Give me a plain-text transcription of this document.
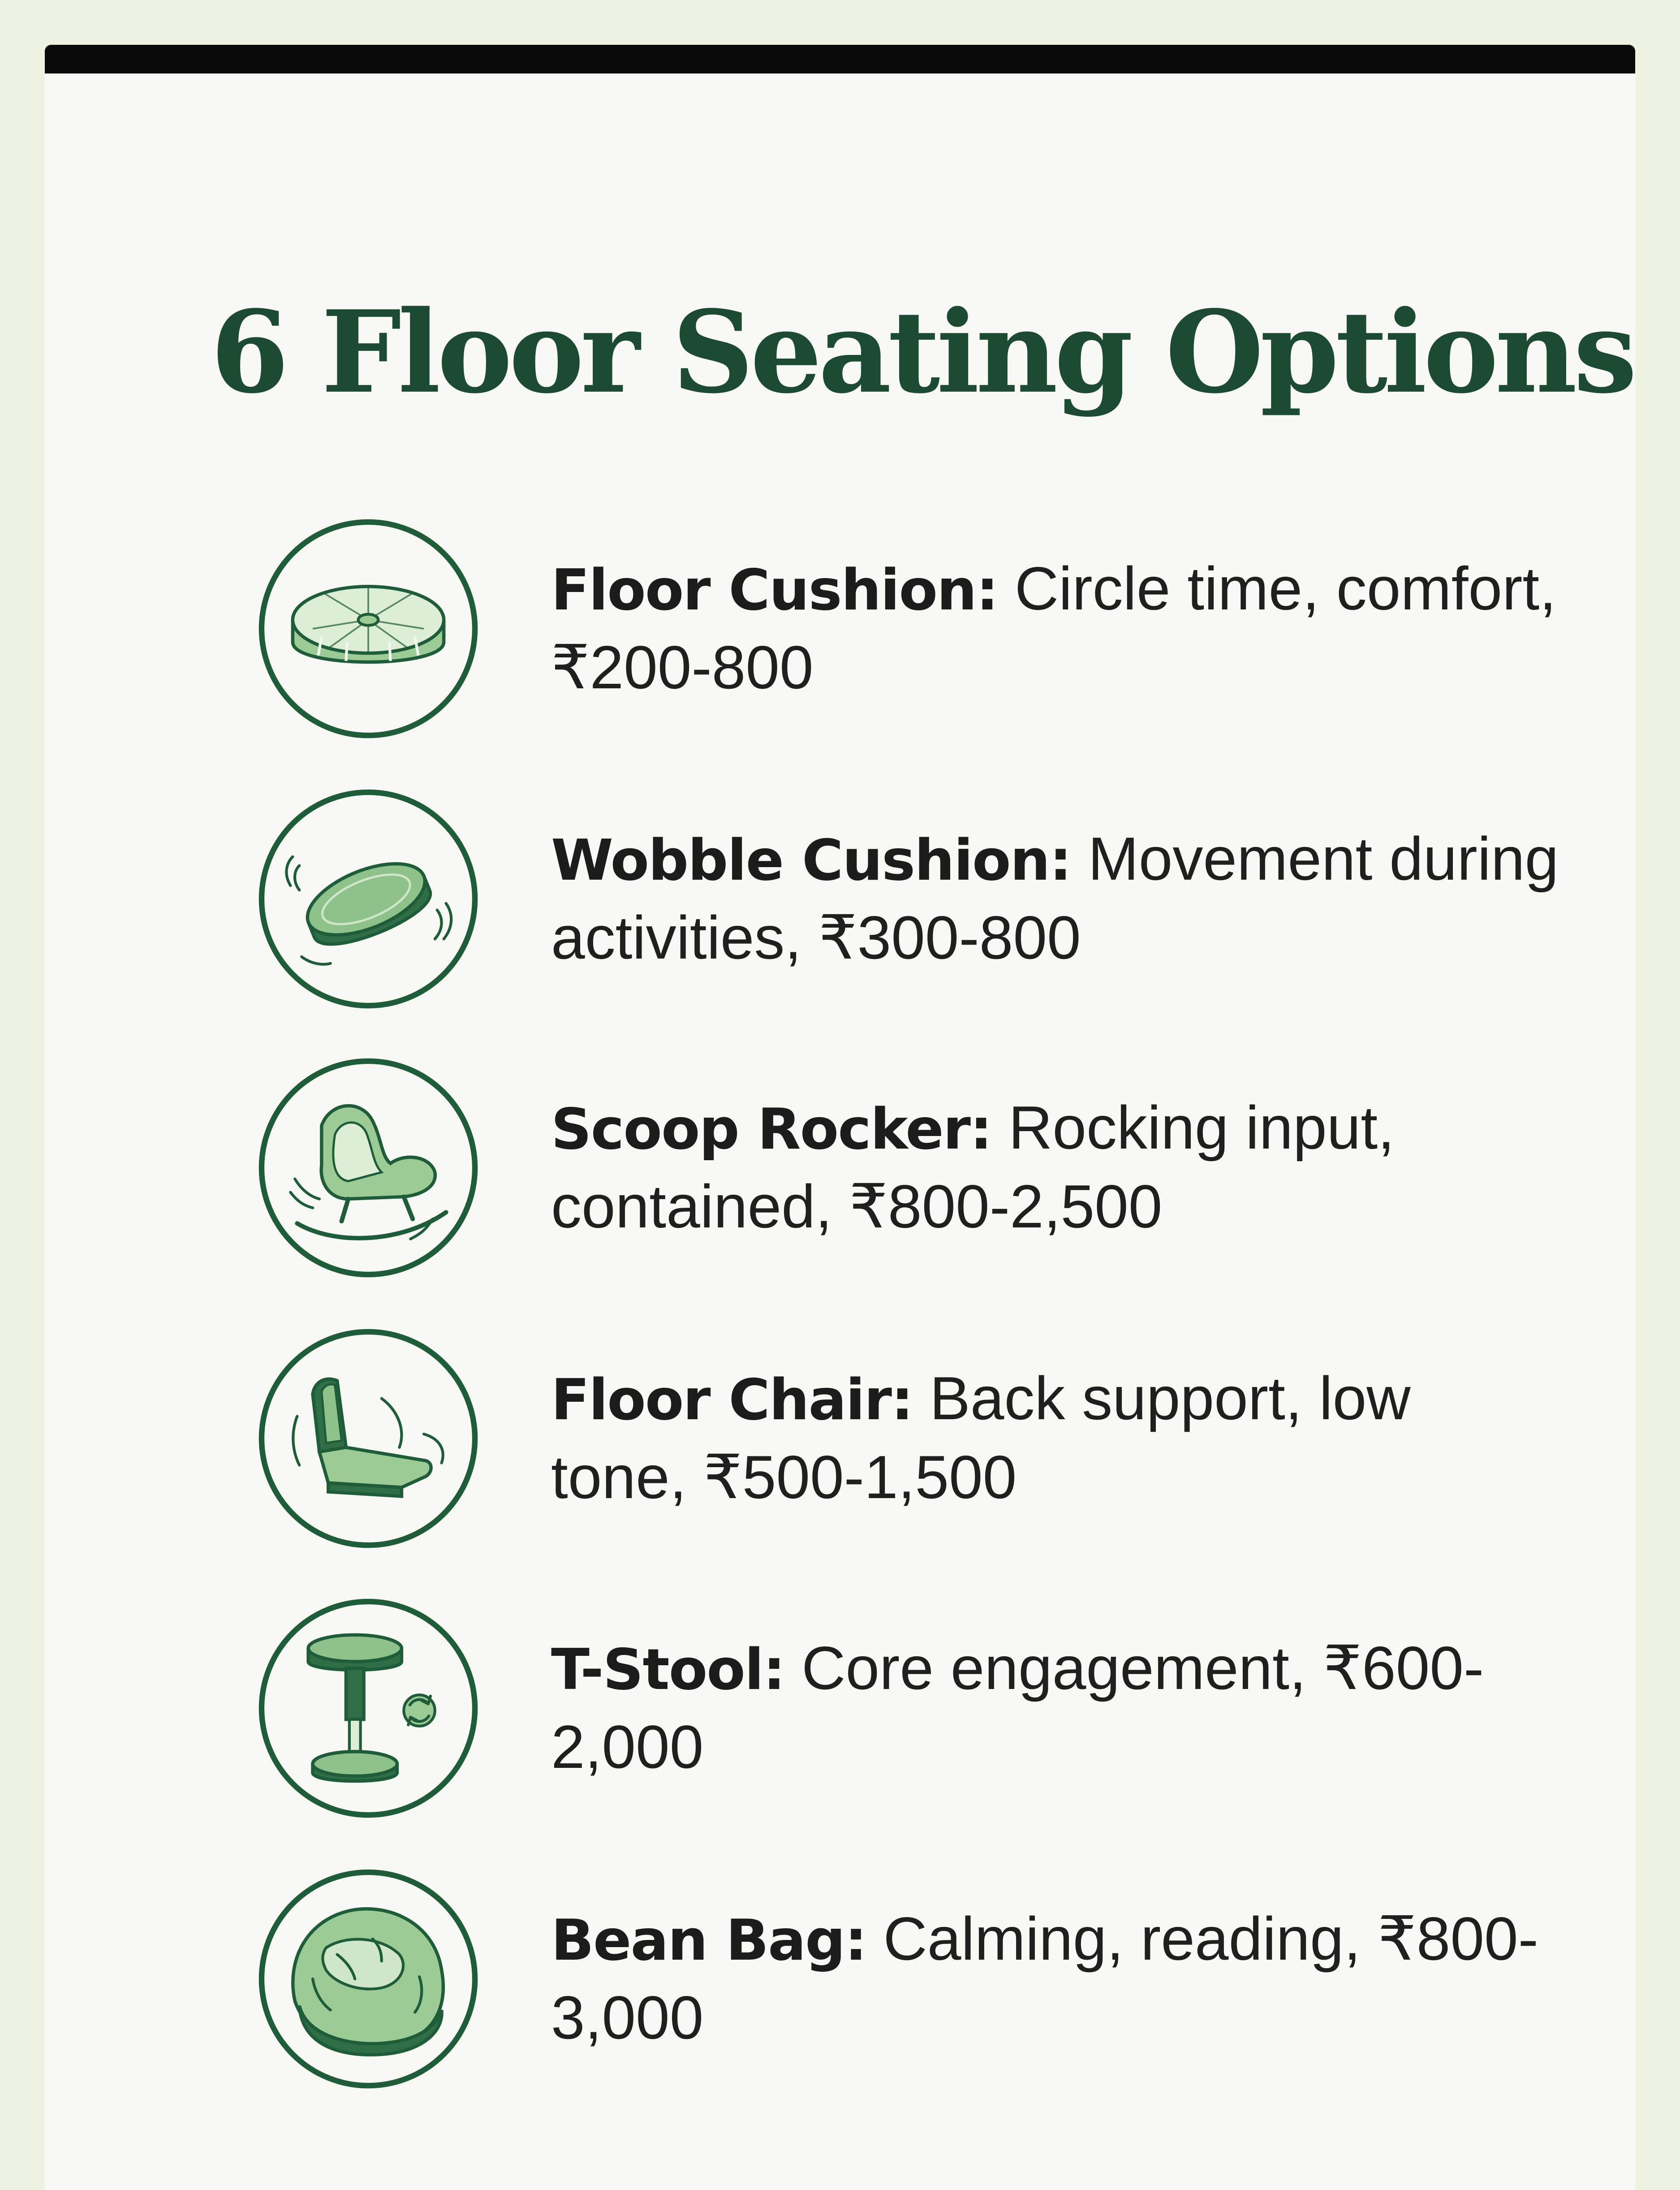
6 Floor Seating Options
Floor Cushion: Circle time, comfort, ₹200-800
Wobble Cushion: Movement during activities, ₹300-800
Scoop Rocker: Rocking input, contained, ₹800-2,500
Floor Chair: Back support, low tone, ₹500-1,500
T-Stool: Core engagement, ₹600-2,000
Bean Bag: Calming, reading, ₹800-3,000
